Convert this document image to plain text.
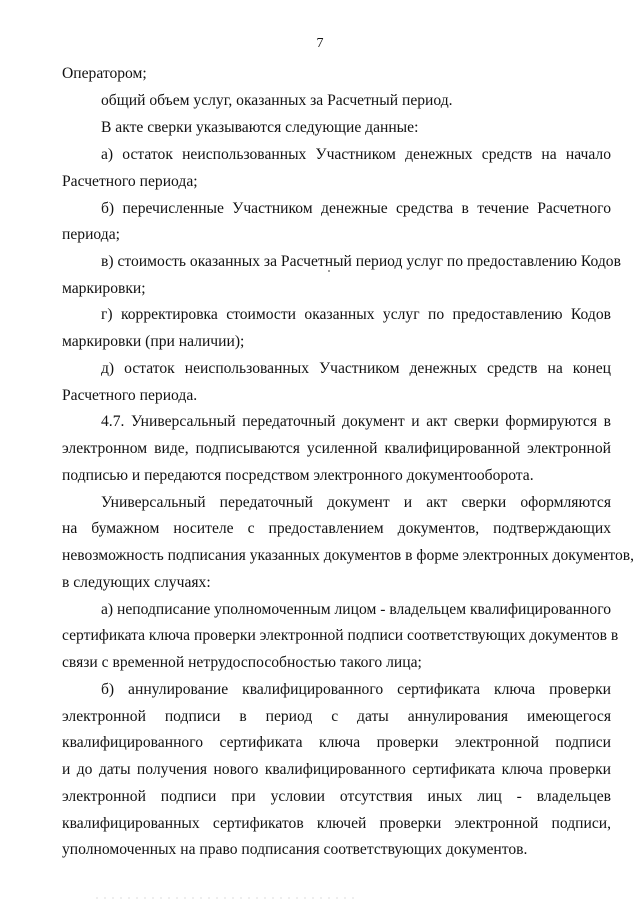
7
Оператором;
общий объем услуг, оказанных за Расчетный период.
В акте сверки указываются следующие данные:
а) остаток неиспользованных Участником денежных средств на начало
Расчетного периода;
б) перечисленные Участником денежные средства в течение Расчетного
периода;
в) стоимость оказанных за Расчетный период услуг по предоставлению Кодов
маркировки;
г) корректировка стоимости оказанных услуг по предоставлению Кодов
маркировки (при наличии);
д) остаток неиспользованных Участником денежных средств на конец
Расчетного периода.
4.7. Универсальный передаточный документ и акт сверки формируются в
электронном виде, подписываются усиленной квалифицированной электронной
подписью и передаются посредством электронного документооборота.
Универсальный передаточный документ и акт сверки оформляются
на бумажном носителе с предоставлением документов, подтверждающих
невозможность подписания указанных документов в форме электронных документов,
в следующих случаях:
а) неподписание уполномоченным лицом - владельцем квалифицированного
сертификата ключа проверки электронной подписи соответствующих документов в
связи с временной нетрудоспособностью такого лица;
б) аннулирование квалифицированного сертификата ключа проверки
электронной подписи в период с даты аннулирования имеющегося
квалифицированного сертификата ключа проверки электронной подписи
и до даты получения нового квалифицированного сертификата ключа проверки
электронной подписи при условии отсутствия иных лиц - владельцев
квалифицированных сертификатов ключей проверки электронной подписи,
уполномоченных на право подписания соответствующих документов.
